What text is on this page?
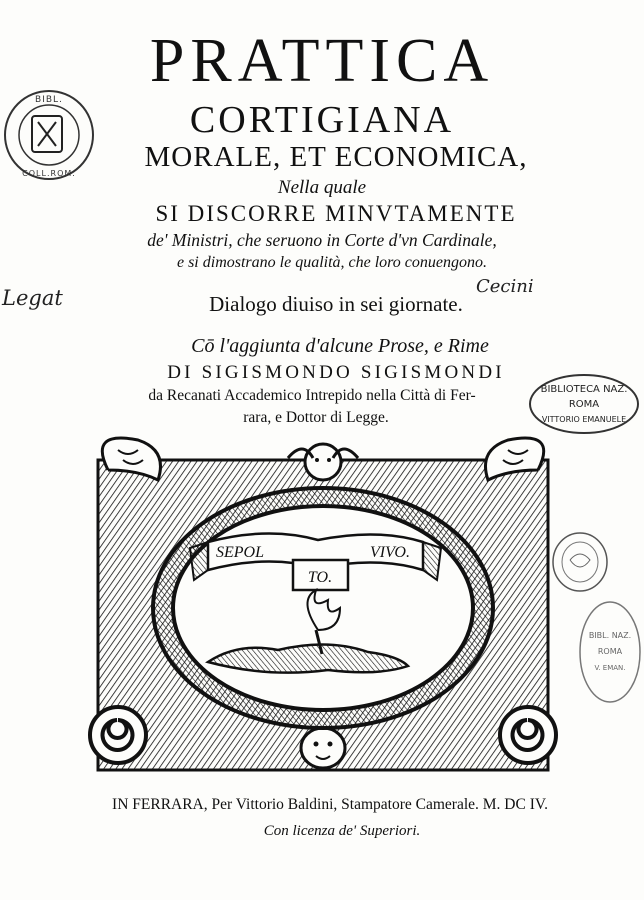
BIBL.
COLL.ROM.
BIBLIOTECA NAZ.
ROMA
VITTORIO EMANUELE
BIBL. NAZ.
ROMA
V. EMAN.
PRATTICA
CORTIGIANA
MORALE, ET ECONOMICA,
Nella quale
SI DISCORRE MINVTAMENTE
de' Ministri, che seruono in Corte d'vn Cardinale,
e si dimostrano le qualità, che loro conuengono.
Legat	Dialogo diuiso in sei giornate.
Cecini
Cō l'aggiunta d'alcune Prose, e Rime
DI SIGISMONDO SIGISMONDI
da Recanati Accademico Intrepido nella Città di Fer-
rara, e Dottor di Legge.
SEPOL
TO.
VIVO.
IN FERRARA, Per Vittorio Baldini, Stampatore Camerale. M. DC IV.
Con licenza de' Superiori.
